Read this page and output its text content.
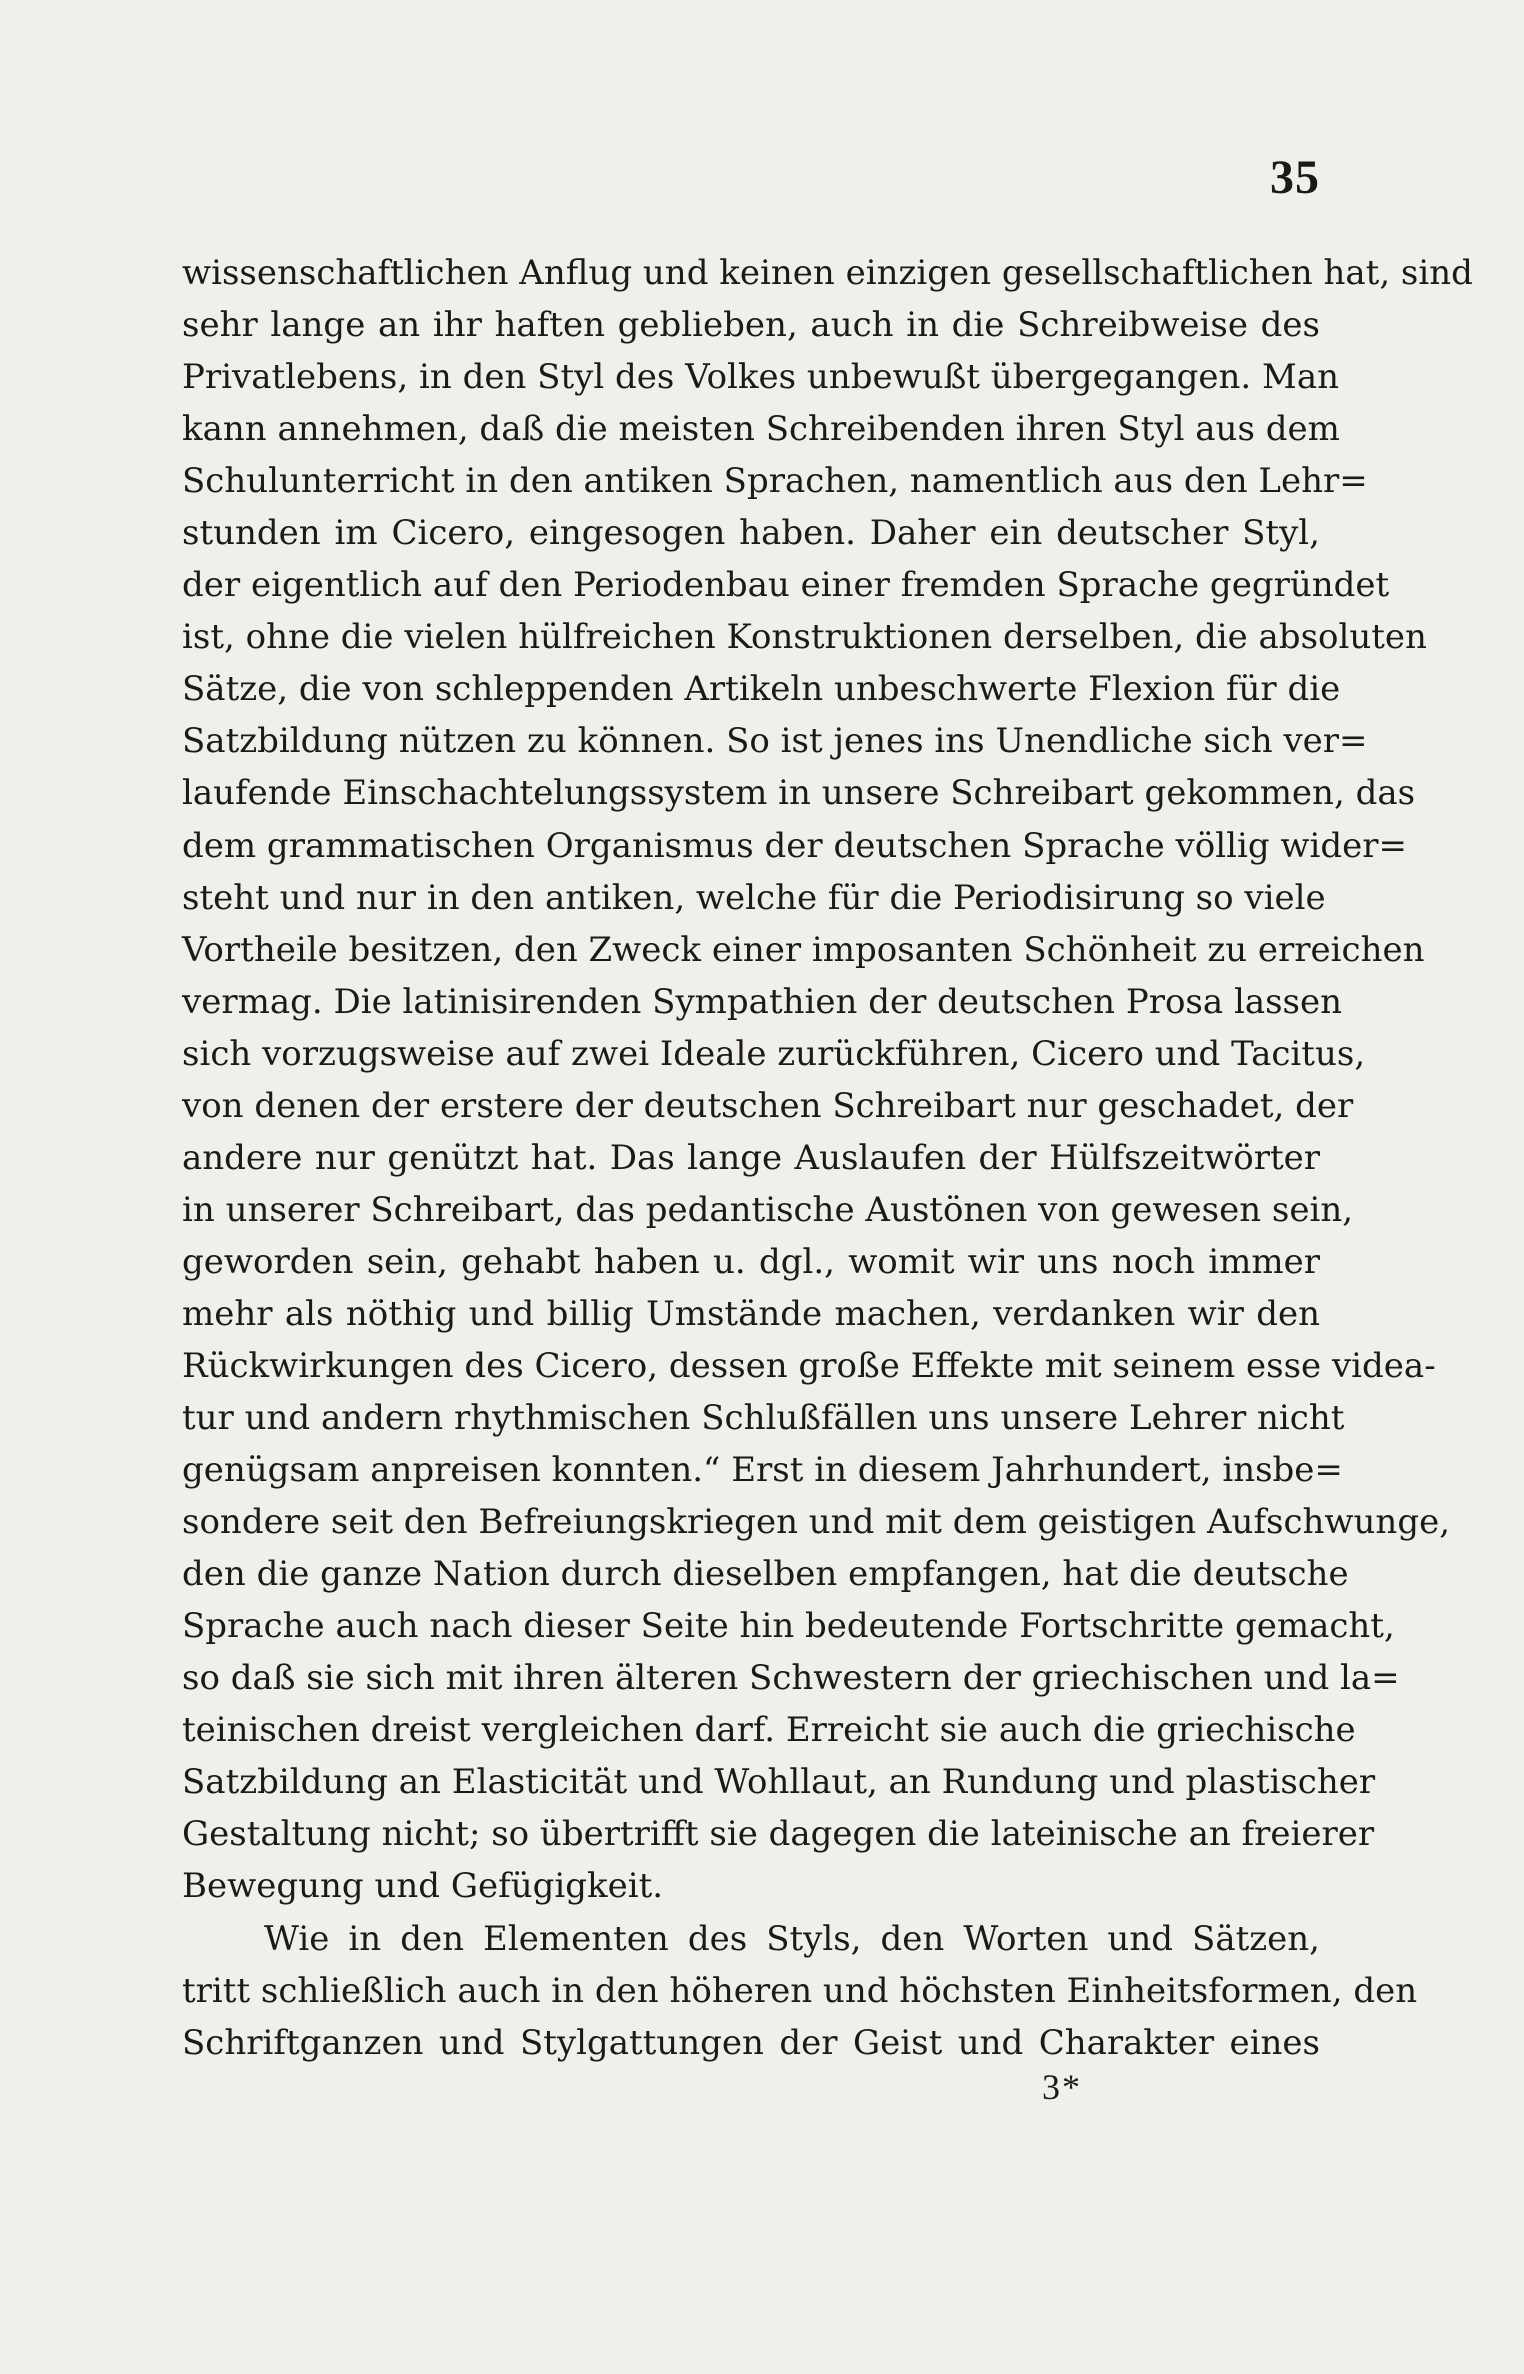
35
wissenschaftlichen Anflug und keinen einzigen gesellschaftlichen hat, sind
sehr lange an ihr haften geblieben, auch in die Schreibweise des
Privatlebens, in den Styl des Volkes unbewußt übergegangen. Man
kann annehmen, daß die meisten Schreibenden ihren Styl aus dem
Schulunterricht in den antiken Sprachen, namentlich aus den Lehr=
stunden im Cicero, eingesogen haben. Daher ein deutscher Styl,
der eigentlich auf den Periodenbau einer fremden Sprache gegründet
ist, ohne die vielen hülfreichen Konstruktionen derselben, die absoluten
Sätze, die von schleppenden Artikeln unbeschwerte Flexion für die
Satzbildung nützen zu können. So ist jenes ins Unendliche sich ver=
laufende Einschachtelungssystem in unsere Schreibart gekommen, das
dem grammatischen Organismus der deutschen Sprache völlig wider=
steht und nur in den antiken, welche für die Periodisirung so viele
Vortheile besitzen, den Zweck einer imposanten Schönheit zu erreichen
vermag. Die latinisirenden Sympathien der deutschen Prosa lassen
sich vorzugsweise auf zwei Ideale zurückführen, Cicero und Tacitus,
von denen der erstere der deutschen Schreibart nur geschadet, der
andere nur genützt hat. Das lange Auslaufen der Hülfszeitwörter
in unserer Schreibart, das pedantische Austönen von gewesen sein,
geworden sein, gehabt haben u. dgl., womit wir uns noch immer
mehr als nöthig und billig Umstände machen, verdanken wir den
Rückwirkungen des Cicero, dessen große Effekte mit seinem esse videa-
tur und andern rhythmischen Schlußfällen uns unsere Lehrer nicht
genügsam anpreisen konnten.“ Erst in diesem Jahrhundert, insbe=
sondere seit den Befreiungskriegen und mit dem geistigen Aufschwunge,
den die ganze Nation durch dieselben empfangen, hat die deutsche
Sprache auch nach dieser Seite hin bedeutende Fortschritte gemacht,
so daß sie sich mit ihren älteren Schwestern der griechischen und la=
teinischen dreist vergleichen darf. Erreicht sie auch die griechische
Satzbildung an Elasticität und Wohllaut, an Rundung und plastischer
Gestaltung nicht; so übertrifft sie dagegen die lateinische an freierer
Bewegung und Gefügigkeit.
Wie in den Elementen des Styls, den Worten und Sätzen,
tritt schließlich auch in den höheren und höchsten Einheitsformen, den
Schriftganzen und Stylgattungen der Geist und Charakter eines
3*
